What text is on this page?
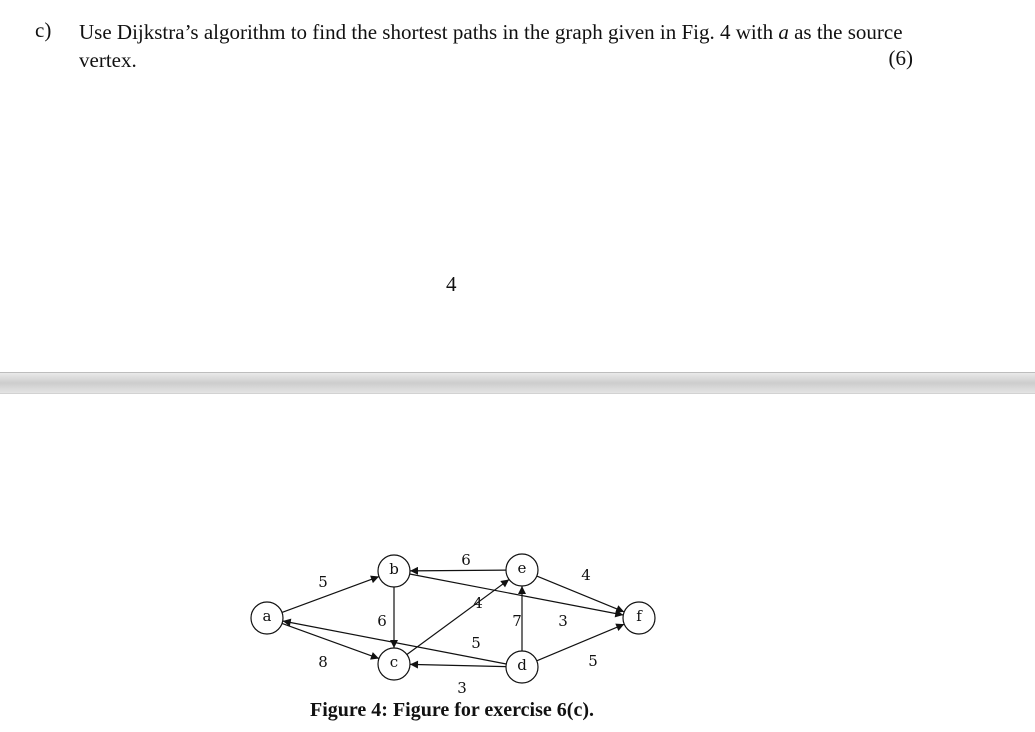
c) Use Dijkstra’s algorithm to find the shortest paths in the graph given in Fig. 4 with a as the source vertex.	(6)
4
5
8
6
6
3
4
3
5
7
4
5
a
b
c	d
e
f
Figure 4: Figure for exercise 6(c).
